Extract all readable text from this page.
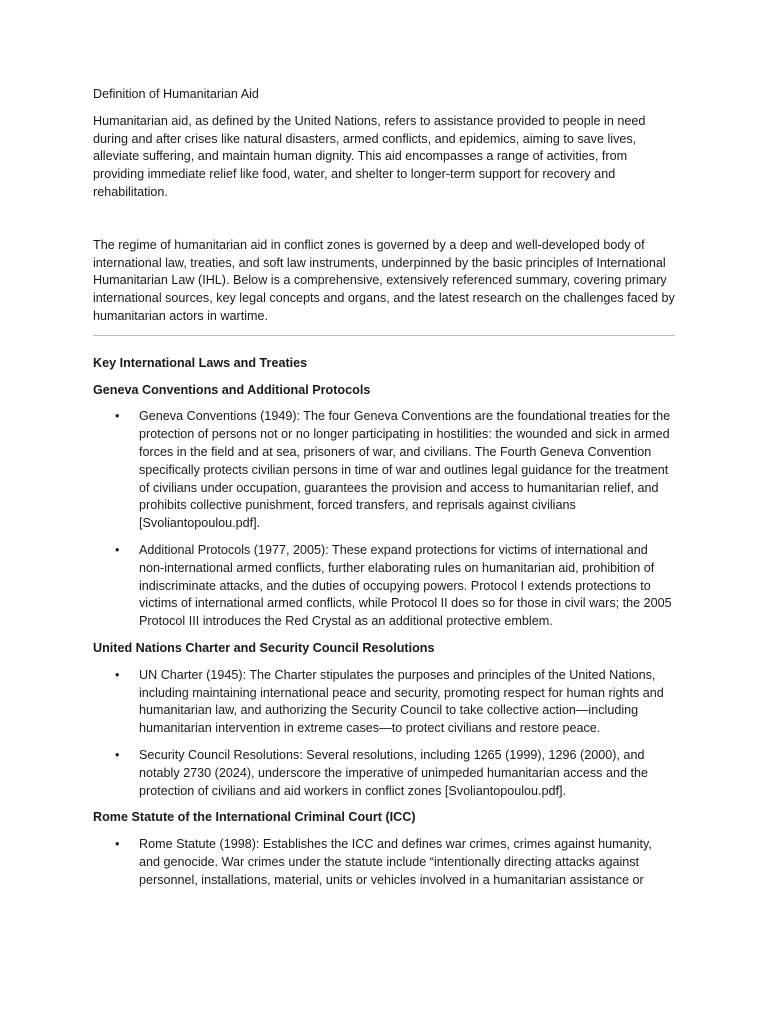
Definition of Humanitarian Aid

Humanitarian aid, as defined by the United Nations, refers to assistance provided to people in need during and after crises like natural disasters, armed conflicts, and epidemics, aiming to save lives, alleviate suffering, and maintain human dignity. This aid encompasses a range of activities, from providing immediate relief like food, water, and shelter to longer-term support for recovery and rehabilitation.

The regime of humanitarian aid in conflict zones is governed by a deep and well-developed body of international law, treaties, and soft law instruments, underpinned by the basic principles of International Humanitarian Law (IHL). Below is a comprehensive, extensively referenced summary, covering primary international sources, key legal concepts and organs, and the latest research on the challenges faced by humanitarian actors in wartime.

Key International Laws and Treaties

Geneva Conventions and Additional Protocols

• Geneva Conventions (1949): The four Geneva Conventions are the foundational treaties for the protection of persons not or no longer participating in hostilities: the wounded and sick in armed forces in the field and at sea, prisoners of war, and civilians. The Fourth Geneva Convention specifically protects civilian persons in time of war and outlines legal guidance for the treatment of civilians under occupation, guarantees the provision and access to humanitarian relief, and prohibits collective punishment, forced transfers, and reprisals against civilians [Svoliantopoulou.pdf].
• Additional Protocols (1977, 2005): These expand protections for victims of international and non-international armed conflicts, further elaborating rules on humanitarian aid, prohibition of indiscriminate attacks, and the duties of occupying powers. Protocol I extends protections to victims of international armed conflicts, while Protocol II does so for those in civil wars; the 2005 Protocol III introduces the Red Crystal as an additional protective emblem.

United Nations Charter and Security Council Resolutions

• UN Charter (1945): The Charter stipulates the purposes and principles of the United Nations, including maintaining international peace and security, promoting respect for human rights and humanitarian law, and authorizing the Security Council to take collective action—including humanitarian intervention in extreme cases—to protect civilians and restore peace.
• Security Council Resolutions: Several resolutions, including 1265 (1999), 1296 (2000), and notably 2730 (2024), underscore the imperative of unimpeded humanitarian access and the protection of civilians and aid workers in conflict zones [Svoliantopoulou.pdf].

Rome Statute of the International Criminal Court (ICC)

• Rome Statute (1998): Establishes the ICC and defines war crimes, crimes against humanity, and genocide. War crimes under the statute include “intentionally directing attacks against personnel, installations, material, units or vehicles involved in a humanitarian assistance or
